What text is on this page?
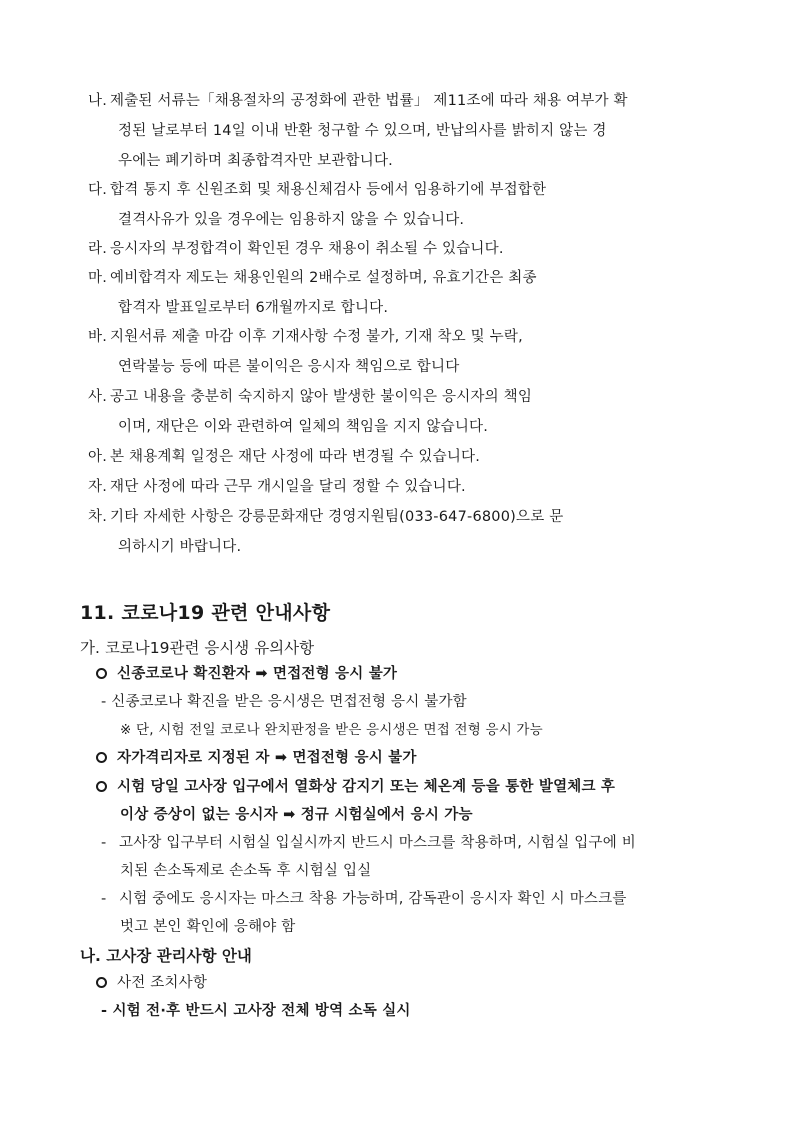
나. 제출된 서류는「채용절차의 공정화에 관한 법률」 제11조에 따라 채용 여부가 확
정된 날로부터 14일 이내 반환 청구할 수 있으며, 반납의사를 밝히지 않는 경
우에는 폐기하며 최종합격자만 보관합니다.
다. 합격 통지 후 신원조회 및 채용신체검사 등에서 임용하기에 부접합한
결격사유가 있을 경우에는 임용하지 않을 수 있습니다.
라. 응시자의 부정합격이 확인된 경우 채용이 취소될 수 있습니다.
마. 예비합격자 제도는 채용인원의 2배수로 설정하며, 유효기간은 최종
합격자 발표일로부터 6개월까지로 합니다.
바. 지원서류 제출 마감 이후 기재사항 수정 불가, 기재 착오 및 누락,
연락불능 등에 따른 불이익은 응시자 책임으로 합니다
사. 공고 내용을 충분히 숙지하지 않아 발생한 불이익은 응시자의 책임
이며, 재단은 이와 관련하여 일체의 책임을 지지 않습니다.
아. 본 채용계획 일정은 재단 사정에 따라 변경될 수 있습니다.
자. 재단 사정에 따라 근무 개시일을 달리 정할 수 있습니다.
차. 기타 자세한 사항은 강릉문화재단 경영지원팀(033-647-6800)으로 문
의하시기 바랍니다.
11. 코로나19 관련 안내사항
가. 코로나19관련 응시생 유의사항
신종코로나 확진환자 ➡ 면접전형 응시 불가
- 신종코로나 확진을 받은 응시생은 면접전형 응시 불가함
※ 단, 시험 전일 코로나 완치판정을 받은 응시생은 면접 전형 응시 가능
자가격리자로 지정된 자 ➡ 면접전형 응시 불가
시험 당일 고사장 입구에서 열화상 감지기 또는 체온계 등을 통한 발열체크 후
이상 증상이 없는 응시자 ➡ 정규 시험실에서 응시 가능
- 고사장 입구부터 시험실 입실시까지 반드시 마스크를 착용하며, 시험실 입구에 비
치된 손소독제로 손소독 후 시험실 입실
- 시험 중에도 응시자는 마스크 착용 가능하며, 감독관이 응시자 확인 시 마스크를
벗고 본인 확인에 응해야 함
나. 고사장 관리사항 안내
사전 조치사항
- 시험 전·후 반드시 고사장 전체 방역 소독 실시
